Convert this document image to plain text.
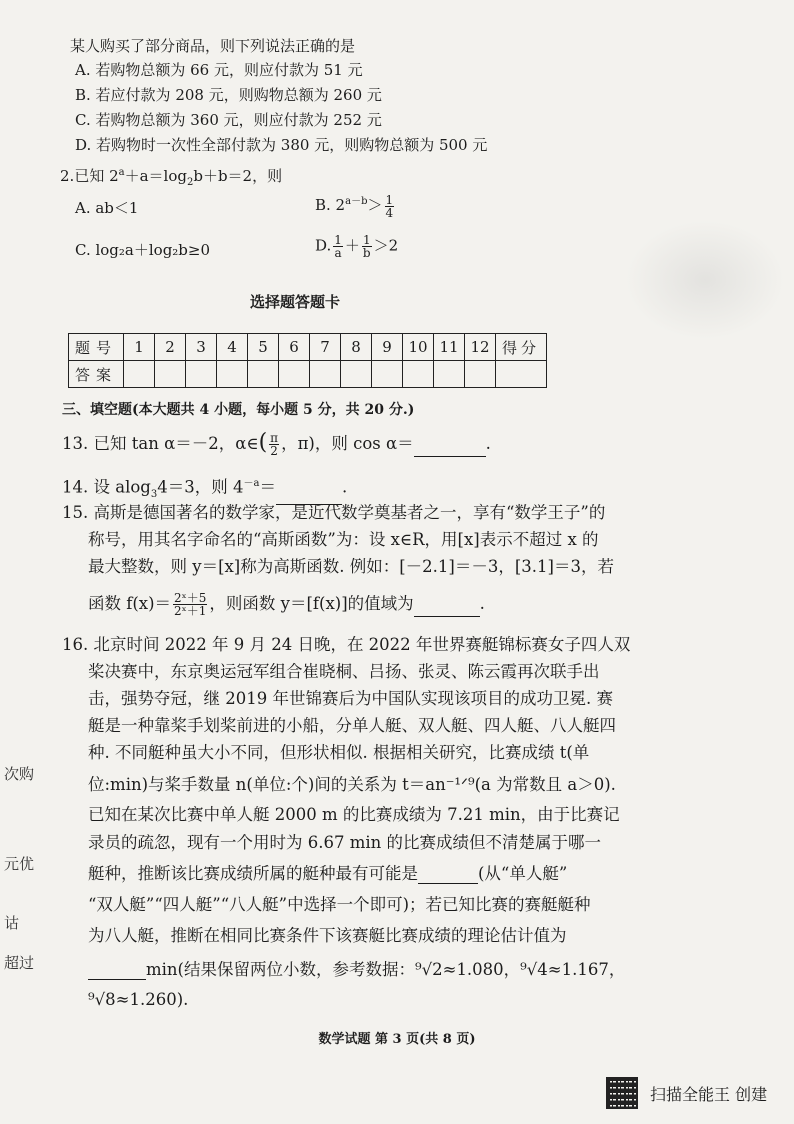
某人购买了部分商品，则下列说法正确的是
A. 若购物总额为 66 元，则应付款为 51 元
B. 若应付款为 208 元，则购物总额为 260 元
C. 若购物总额为 360 元，则应付款为 252 元
D. 若购物时一次性全部付款为 380 元，则购物总额为 500 元
2.已知 $2^a+a=\log_2b+b=2$，则
A. ab＜1	B. $2^{a-b}> \frac{1}{4}$
C. log₂a＋log₂b≥0	D. $\frac{1}{a} + \frac{1}{b} >2$
选择题答题卡
题号	1	2	3	4	5	6	7	8	9	10	11	12	得分
答案													
三、填空题(本大题共 4 小题，每小题 5 分，共 20 分.)
13. 已知 tan α＝－2，α∈( $\frac{\pi}{2}$ ，π)，则 cos α＝	.
14. 设 alog$_3$4＝3，则 $4^{-a}=$	.
15. 高斯是德国著名的数学家，是近代数学奠基者之一，享有“数学王子”的
称号，用其名字命名的“高斯函数”为：设 x∈R，用[x]表示不超过 x 的
最大整数，则 y＝[x]称为高斯函数. 例如：[－2.1]＝－3，[3.1]＝3，若
函数 $f(x)= \frac{\text{2ˣ＋5}}{\text{2ˣ＋1}}$ ，则函数 y＝[f(x)]的值域为	.
16. 北京时间 2022 年 9 月 24 日晚，在 2022 年世界赛艇锦标赛女子四人双
桨决赛中，东京奥运冠军组合崔晓桐、吕扬、张灵、陈云霞再次联手出
击，强势夺冠，继 2019 年世锦赛后为中国队实现该项目的成功卫冕. 赛
艇是一种靠桨手划桨前进的小船，分单人艇、双人艇、四人艇、八人艇四
种. 不同艇种虽大小不同，但形状相似. 根据相关研究，比赛成绩 t(单
位:min)与桨手数量 n(单位:个)间的关系为 t＝an⁻¹ᐟ⁹(a 为常数且 a＞0).
已知在某次比赛中单人艇 2000 m 的比赛成绩为 7.21 min，由于比赛记
录员的疏忽，现有一个用时为 6.67 min 的比赛成绩但不清楚属于哪一
艇种，推断该比赛成绩所属的艇种最有可能是	(从“单人艇”
“双人艇”“四人艇”“八人艇”中选择一个即可)；若已知比赛的赛艇艇种
为八人艇，推断在相同比赛条件下该赛艇比赛成绩的理论估计值为
min(结果保留两位小数，参考数据：⁹√2≈1.080，⁹√4≈1.167，
⁹√8≈1.260).
次购
元优
诂
超过
数学试题 第 3 页(共 8 页)
扫描全能王 创建
